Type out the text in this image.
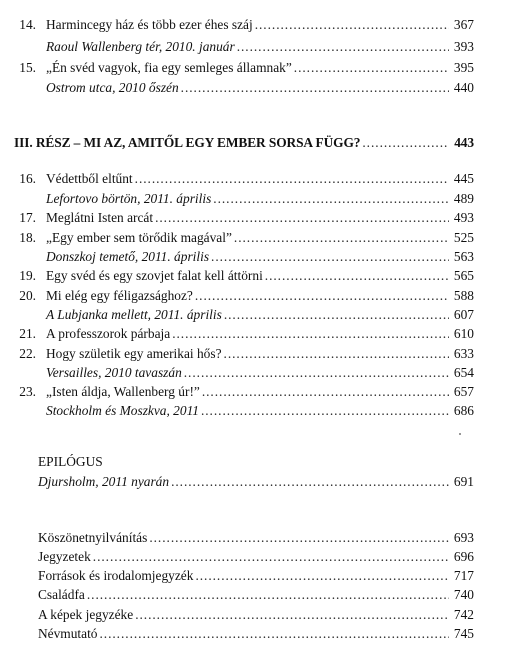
14. Harmincegy ház és több ezer éhes száj . . .	367
Raoul Wallenberg tér, 2010. január . . .	393
15. „Én svéd vagyok, fia egy semleges államnak” . . .	395
Ostrom utca, 2010 őszén . . .	440
III. RÉSZ – MI AZ, AMITŐL EGY EMBER SORSA FÜGG? . . .	443
16. Védettből eltűnt . . .	445
Lefortovo börtön, 2011. április . . .	489
17. Meglátni Isten arcát . . .	493
18. „Egy ember sem törődik magával” . . .	525
Donszkoj temető, 2011. április . . .	563
19. Egy svéd és egy szovjet falat kell áttörni . . .	565
20. Mi elég egy féligazsághoz? . . .	588
A Lubjanka mellett, 2011. április . . .	607
21. A professzorok párbaja . . .	610
22. Hogy születik egy amerikai hős? . . .	633
Versailles, 2010 tavaszán . . .	654
23. „Isten áldja, Wallenberg úr!” . . .	657
Stockholm és Moszkva, 2011 . . .	686
EPILÓGUS
Djursholm, 2011 nyarán . . .	691
Köszönetnyilvánítás . . .	693
Jegyzetek . . .	696
Források és irodalomjegyzék . . .	717
Családfa . . .	740
A képek jegyzéke . . .	742
Névmutató . . .	745
